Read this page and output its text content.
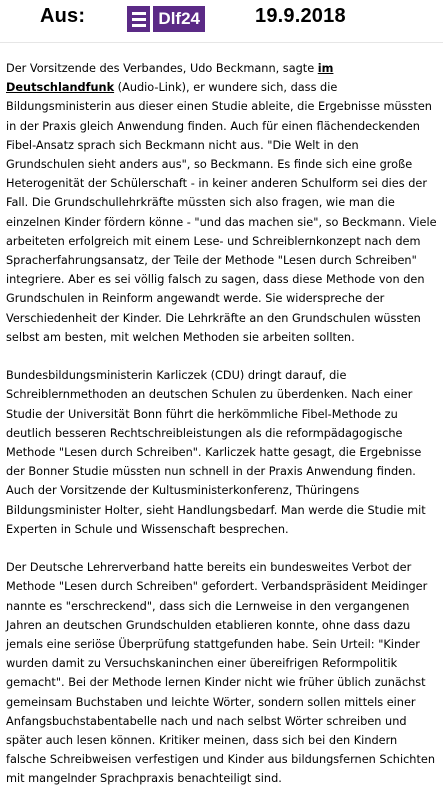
Aus:	Dlf24	19.9.2018

Der Vorsitzende des Verbandes, Udo Beckmann, sagte im Deutschlandfunk (Audio-Link), er wundere sich, dass die Bildungsministerin aus dieser einen Studie ableite, die Ergebnisse müssten in der Praxis gleich Anwendung finden. Auch für einen flächendeckenden Fibel-Ansatz sprach sich Beckmann nicht aus. "Die Welt in den Grundschulen sieht anders aus", so Beckmann. Es finde sich eine große Heterogenität der Schülerschaft - in keiner anderen Schulform sei dies der Fall. Die Grundschullehrkräfte müssten sich also fragen, wie man die einzelnen Kinder fördern könne - "und das machen sie", so Beckmann. Viele arbeiteten erfolgreich mit einem Lese- und Schreiblernkonzept nach dem Spracherfahrungsansatz, der Teile der Methode "Lesen durch Schreiben" integriere. Aber es sei völlig falsch zu sagen, dass diese Methode von den Grundschulen in Reinform angewandt werde. Sie widerspreche der Verschiedenheit der Kinder. Die Lehrkräfte an den Grundschulen wüssten selbst am besten, mit welchen Methoden sie arbeiten sollten.

Bundesbildungsministerin Karliczek (CDU) dringt darauf, die Schreiblernmethoden an deutschen Schulen zu überdenken. Nach einer Studie der Universität Bonn führt die herkömmliche Fibel-Methode zu deutlich besseren Rechtschreibleistungen als die reformpädagogische Methode "Lesen durch Schreiben". Karliczek hatte gesagt, die Ergebnisse der Bonner Studie müssten nun schnell in der Praxis Anwendung finden. Auch der Vorsitzende der Kultusministerkonferenz, Thüringens Bildungsminister Holter, sieht Handlungsbedarf. Man werde die Studie mit Experten in Schule und Wissenschaft besprechen.

Der Deutsche Lehrerverband hatte bereits ein bundesweites Verbot der Methode "Lesen durch Schreiben" gefordert. Verbandspräsident Meidinger nannte es "erschreckend", dass sich die Lernweise in den vergangenen Jahren an deutschen Grundschulden etablieren konnte, ohne dass dazu jemals eine seriöse Überprüfung stattgefunden habe. Sein Urteil: "Kinder wurden damit zu Versuchskaninchen einer übereifrigen Reformpolitik gemacht". Bei der Methode lernen Kinder nicht wie früher üblich zunächst gemeinsam Buchstaben und leichte Wörter, sondern sollen mittels einer Anfangsbuchstabentabelle nach und nach selbst Wörter schreiben und später auch lesen können. Kritiker meinen, dass sich bei den Kindern falsche Schreibweisen verfestigen und Kinder aus bildungsfernen Schichten mit mangelnder Sprachpraxis benachteiligt sind.
